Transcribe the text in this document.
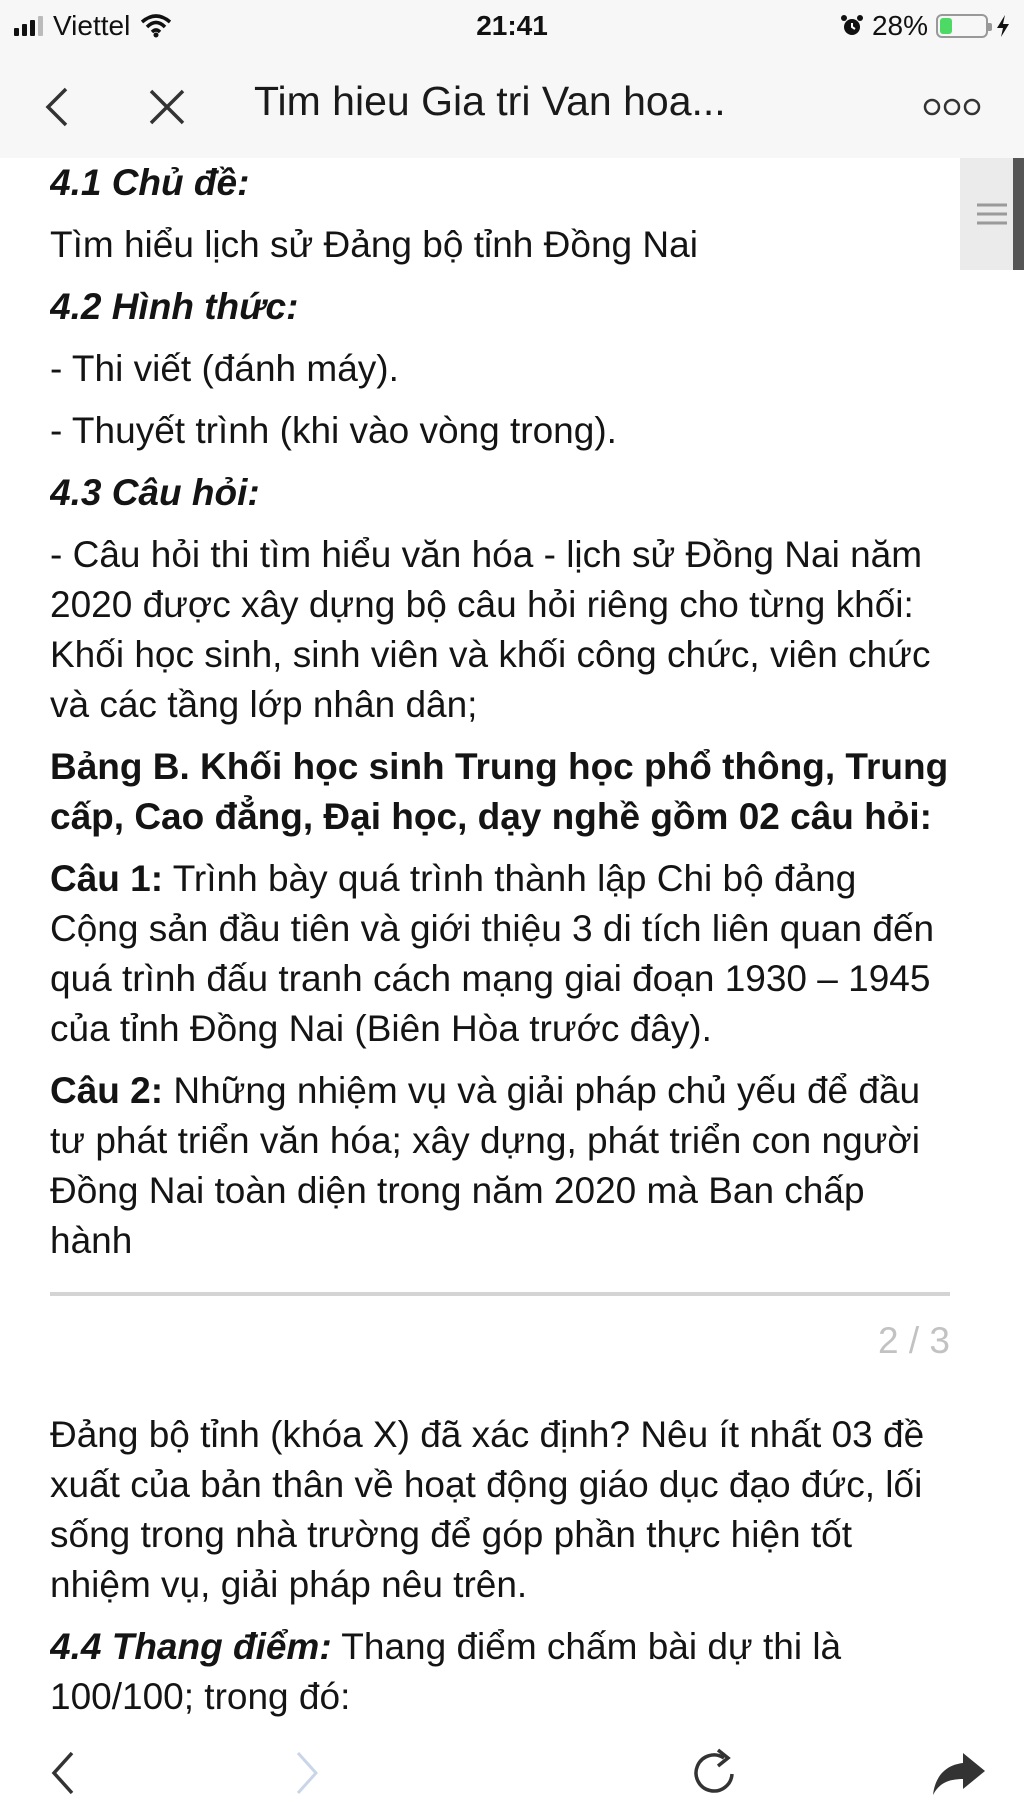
Viettel	21:41	28%
Tim hieu Gia tri Van hoa...

4.1 Chủ đề:

Tìm hiểu lịch sử Đảng bộ tỉnh Đồng Nai

4.2 Hình thức:

- Thi viết (đánh máy).

- Thuyết trình (khi vào vòng trong).

4.3 Câu hỏi:

- Câu hỏi thi tìm hiểu văn hóa - lịch sử Đồng Nai năm 2020 được xây dựng bộ câu hỏi riêng cho từng khối: Khối học sinh, sinh viên và khối công chức, viên chức và các tầng lớp nhân dân;

Bảng B. Khối học sinh Trung học phổ thông, Trung cấp, Cao đẳng, Đại học, dạy nghề gồm 02 câu hỏi:

Câu 1: Trình bày quá trình thành lập Chi bộ đảng Cộng sản đầu tiên và giới thiệu 3 di tích liên quan đến quá trình đấu tranh cách mạng giai đoạn 1930 – 1945 của tỉnh Đồng Nai (Biên Hòa trước đây).

Câu 2: Những nhiệm vụ và giải pháp chủ yếu để đầu tư phát triển văn hóa; xây dựng, phát triển con người Đồng Nai toàn diện trong năm 2020 mà Ban chấp hành

2 / 3

Đảng bộ tỉnh (khóa X) đã xác định? Nêu ít nhất 03 đề xuất của bản thân về hoạt động giáo dục đạo đức, lối sống trong nhà trường để góp phần thực hiện tốt nhiệm vụ, giải pháp nêu trên.

4.4 Thang điểm: Thang điểm chấm bài dự thi là 100/100; trong đó:
